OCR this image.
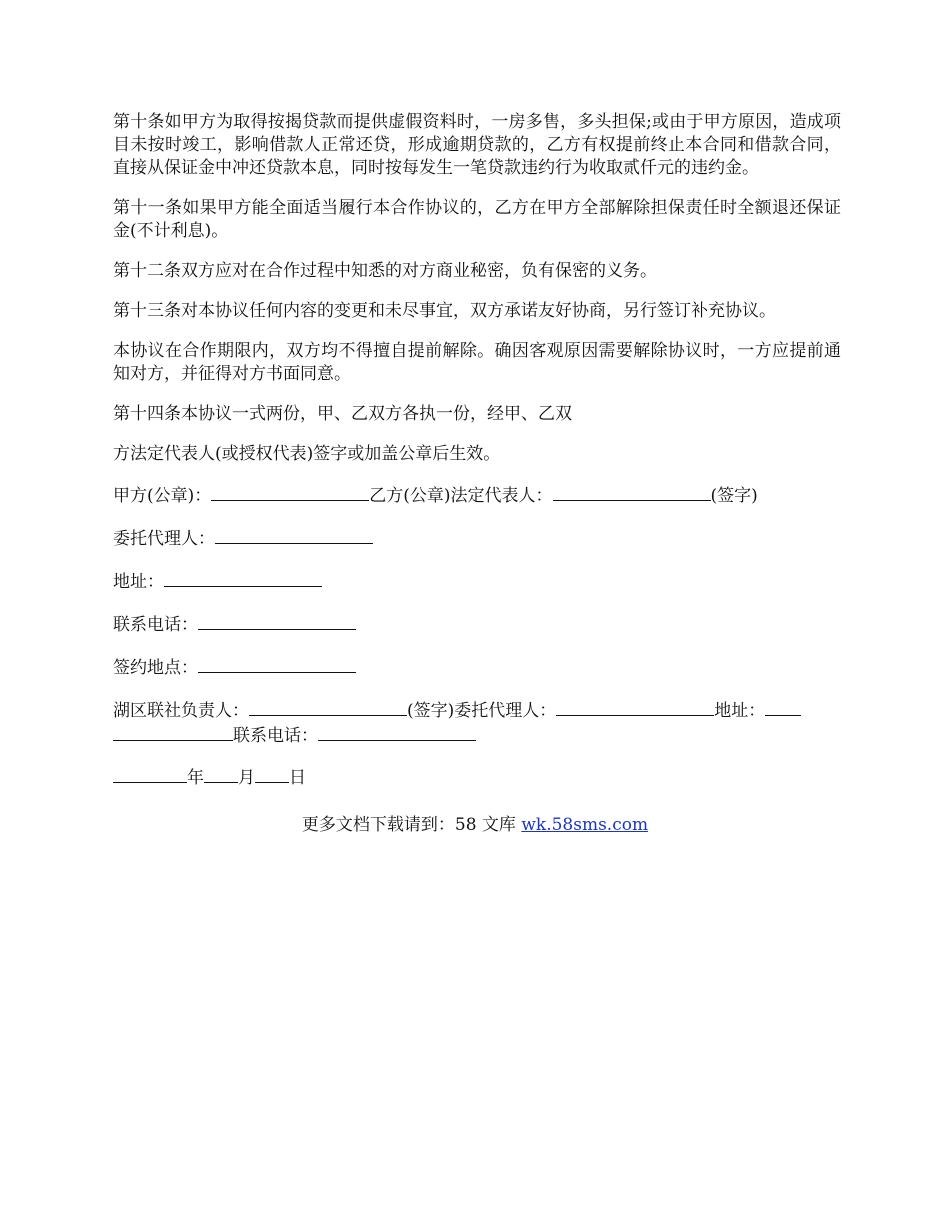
第十条如甲方为取得按揭贷款而提供虚假资料时，一房多售，多头担保;或由于甲方原因，造成项目未按时竣工，影响借款人正常还贷，形成逾期贷款的，乙方有权提前终止本合同和借款合同，直接从保证金中冲还贷款本息，同时按每发生一笔贷款违约行为收取贰仟元的违约金。

第十一条如果甲方能全面适当履行本合作协议的，乙方在甲方全部解除担保责任时全额退还保证金(不计利息)。

第十二条双方应对在合作过程中知悉的对方商业秘密，负有保密的义务。

第十三条对本协议任何内容的变更和未尽事宜，双方承诺友好协商，另行签订补充协议。

本协议在合作期限内，双方均不得擅自提前解除。确因客观原因需要解除协议时，一方应提前通知对方，并征得对方书面同意。

第十四条本协议一式两份，甲、乙双方各执一份，经甲、乙双

方法定代表人(或授权代表)签字或加盖公章后生效。

甲方(公章)：	乙方(公章)法定代表人：	(签字)
委托代理人：
地址：
联系电话：
签约地点：
湖区联社负责人：	(签字)委托代理人：	地址：
联系电话：
年 月 日
更多文档下载请到：58 文库 wk.58sms.com
